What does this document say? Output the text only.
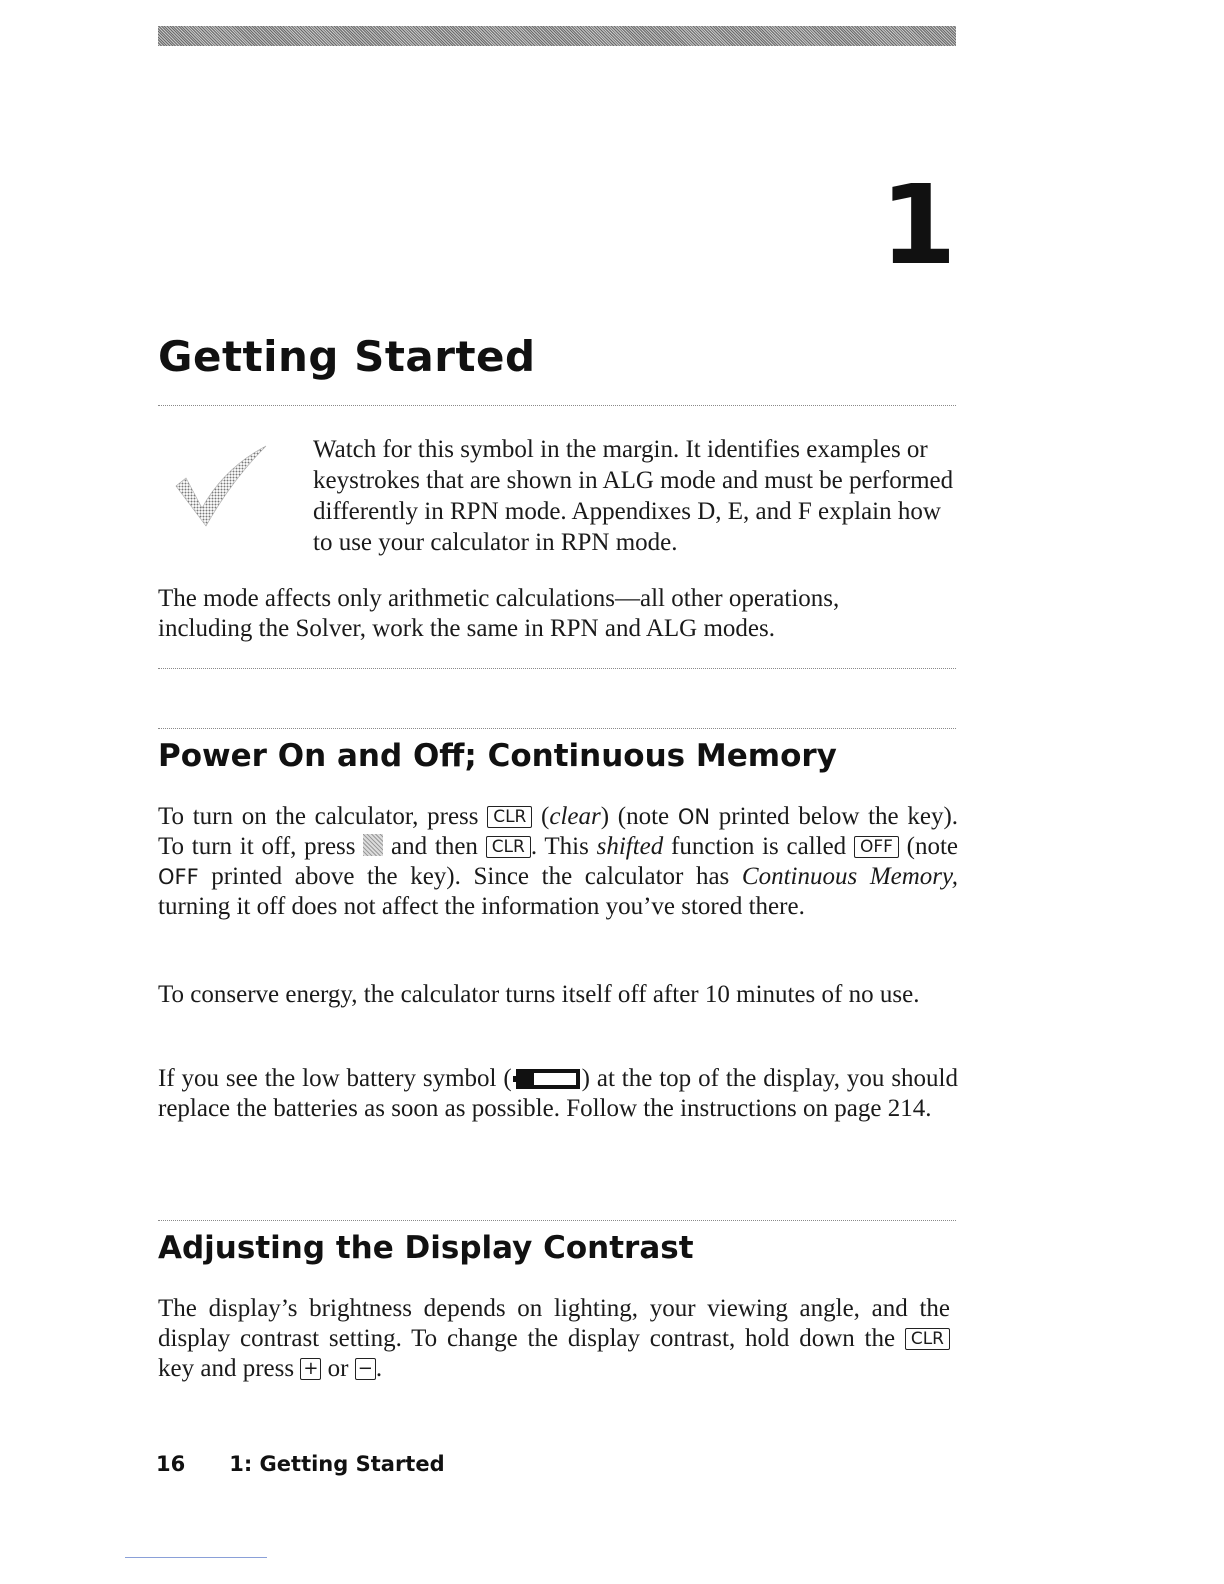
1
Getting Started

Watch for this symbol in the margin. It identifies examples or keystrokes that are shown in ALG mode and must be performed differently in RPN mode. Appendixes D, E, and F explain how to use your calculator in RPN mode.

The mode affects only arithmetic calculations—all other operations, including the Solver, work the same in RPN and ALG modes.

Power On and Off; Continuous Memory

To turn on the calculator, press CLR (clear) (note ON printed below the key). To turn it off, press  and then CLR . This shifted function is called OFF (note OFF printed above the key). Since the calculator has Continuous Memory, turning it off does not affect the information you’ve stored there.

To conserve energy, the calculator turns itself off after 10 minutes of no use.

If you see the low battery symbol (	) at the top of the display, you should replace the batteries as soon as possible. Follow the instructions on page 214.

Adjusting the Display Contrast

The display’s brightness depends on lighting, your viewing angle, and the display contrast setting. To change the display contrast, hold down the CLR key and press + or − .

16 1: Getting Started
